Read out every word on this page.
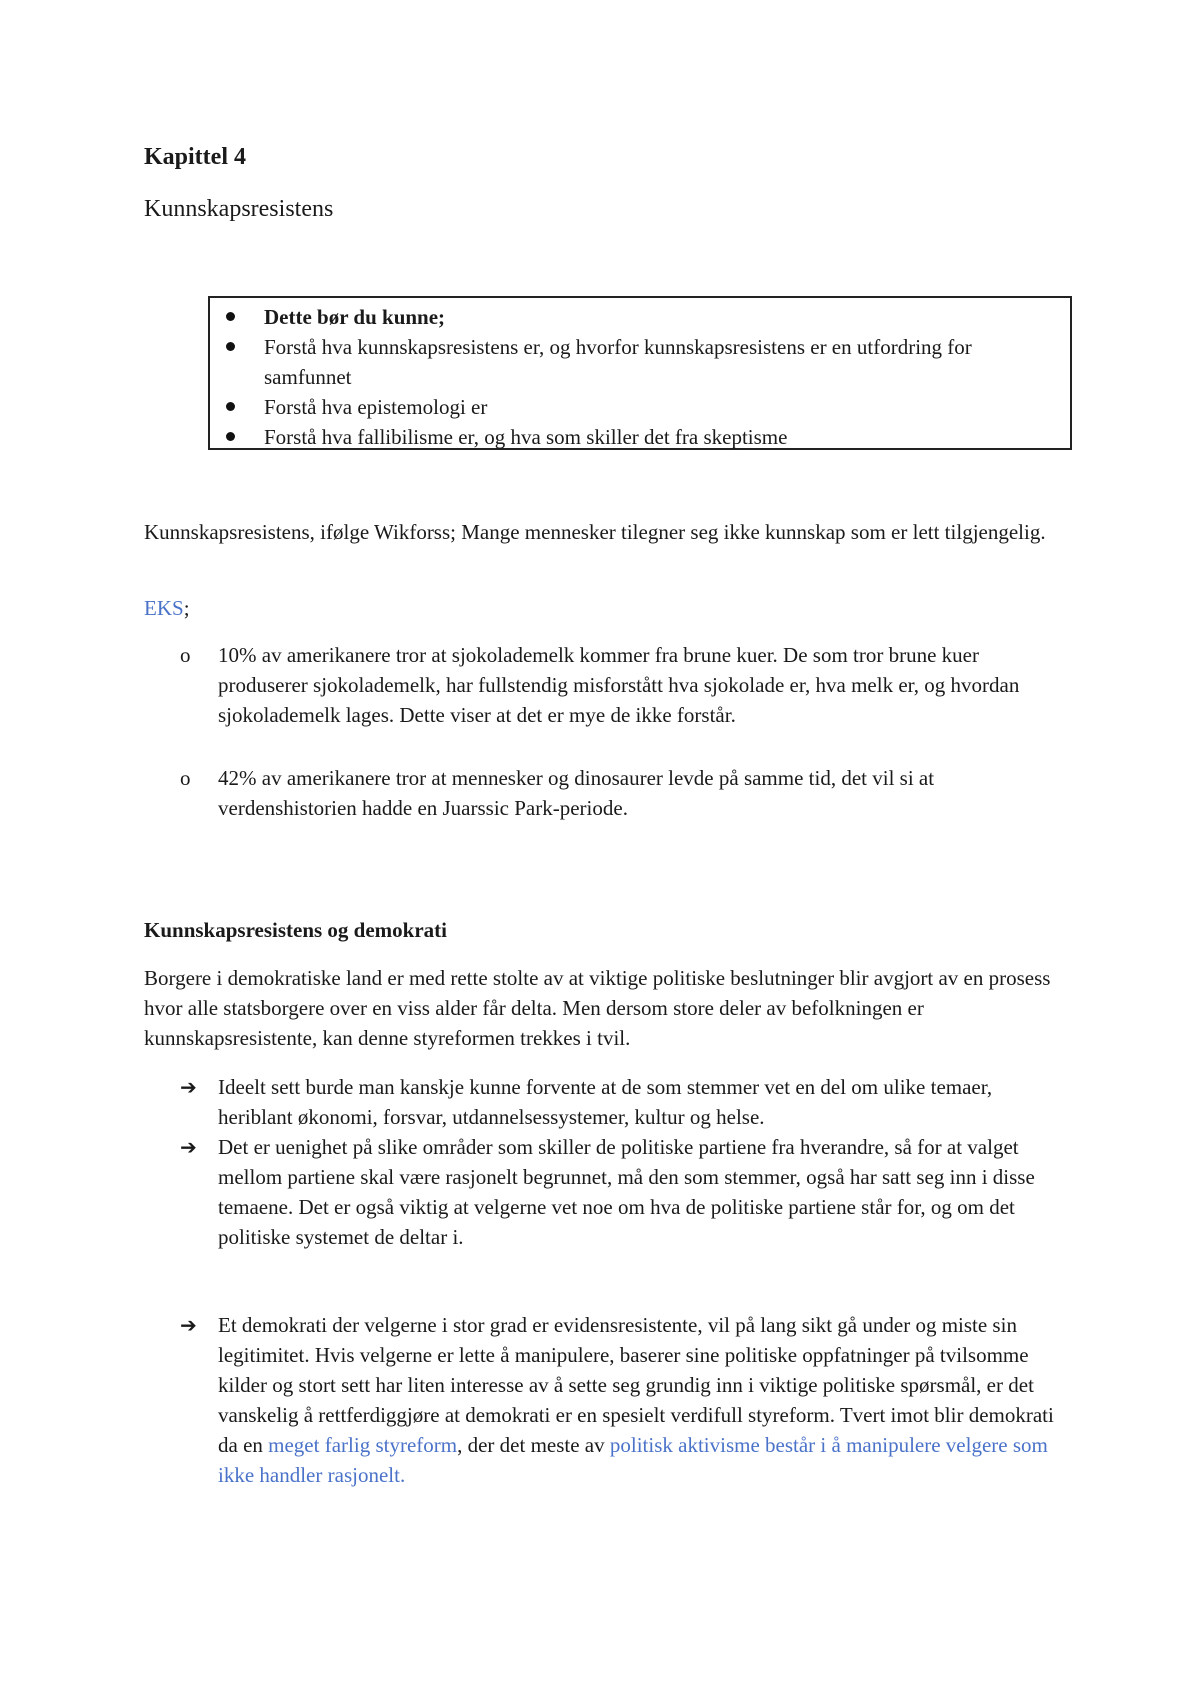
Kapittel 4
Kunnskapsresistens
Dette bør du kunne;
Forstå hva kunnskapsresistens er, og hvorfor kunnskapsresistens er en utfordring for samfunnet
Forstå hva epistemologi er
Forstå hva fallibilisme er, og hva som skiller det fra skeptisme

Kunnskapsresistens, ifølge Wikforss; Mange mennesker tilegner seg ikke kunnskap som er lett tilgjengelig.

EKS;

o 10% av amerikanere tror at sjokolademelk kommer fra brune kuer. De som tror brune kuer produserer sjokolademelk, har fullstendig misforstått hva sjokolade er, hva melk er, og hvordan sjokolademelk lages. Dette viser at det er mye de ikke forstår.
o 42% av amerikanere tror at mennesker og dinosaurer levde på samme tid, det vil si at verdenshistorien hadde en Juarssic Park-periode.
Kunnskapsresistens og demokrati

Borgere i demokratiske land er med rette stolte av at viktige politiske beslutninger blir avgjort av en prosess hvor alle statsborgere over en viss alder får delta. Men dersom store deler av befolkningen er kunnskapsresistente, kan denne styreformen trekkes i tvil.

➔ Ideelt sett burde man kanskje kunne forvente at de som stemmer vet en del om ulike temaer, heriblant økonomi, forsvar, utdannelsessystemer, kultur og helse.
➔ Det er uenighet på slike områder som skiller de politiske partiene fra hverandre, så for at valget mellom partiene skal være rasjonelt begrunnet, må den som stemmer, også har satt seg inn i disse temaene. Det er også viktig at velgerne vet noe om hva de politiske partiene står for, og om det politiske systemet de deltar i.
➔ Et demokrati der velgerne i stor grad er evidensresistente, vil på lang sikt gå under og miste sin legitimitet. Hvis velgerne er lette å manipulere, baserer sine politiske oppfatninger på tvilsomme kilder og stort sett har liten interesse av å sette seg grundig inn i viktige politiske spørsmål, er det vanskelig å rettferdiggjøre at demokrati er en spesielt verdifull styreform. Tvert imot blir demokrati da en meget farlig styreform, der det meste av politisk aktivisme består i å manipulere velgere som ikke handler rasjonelt.
